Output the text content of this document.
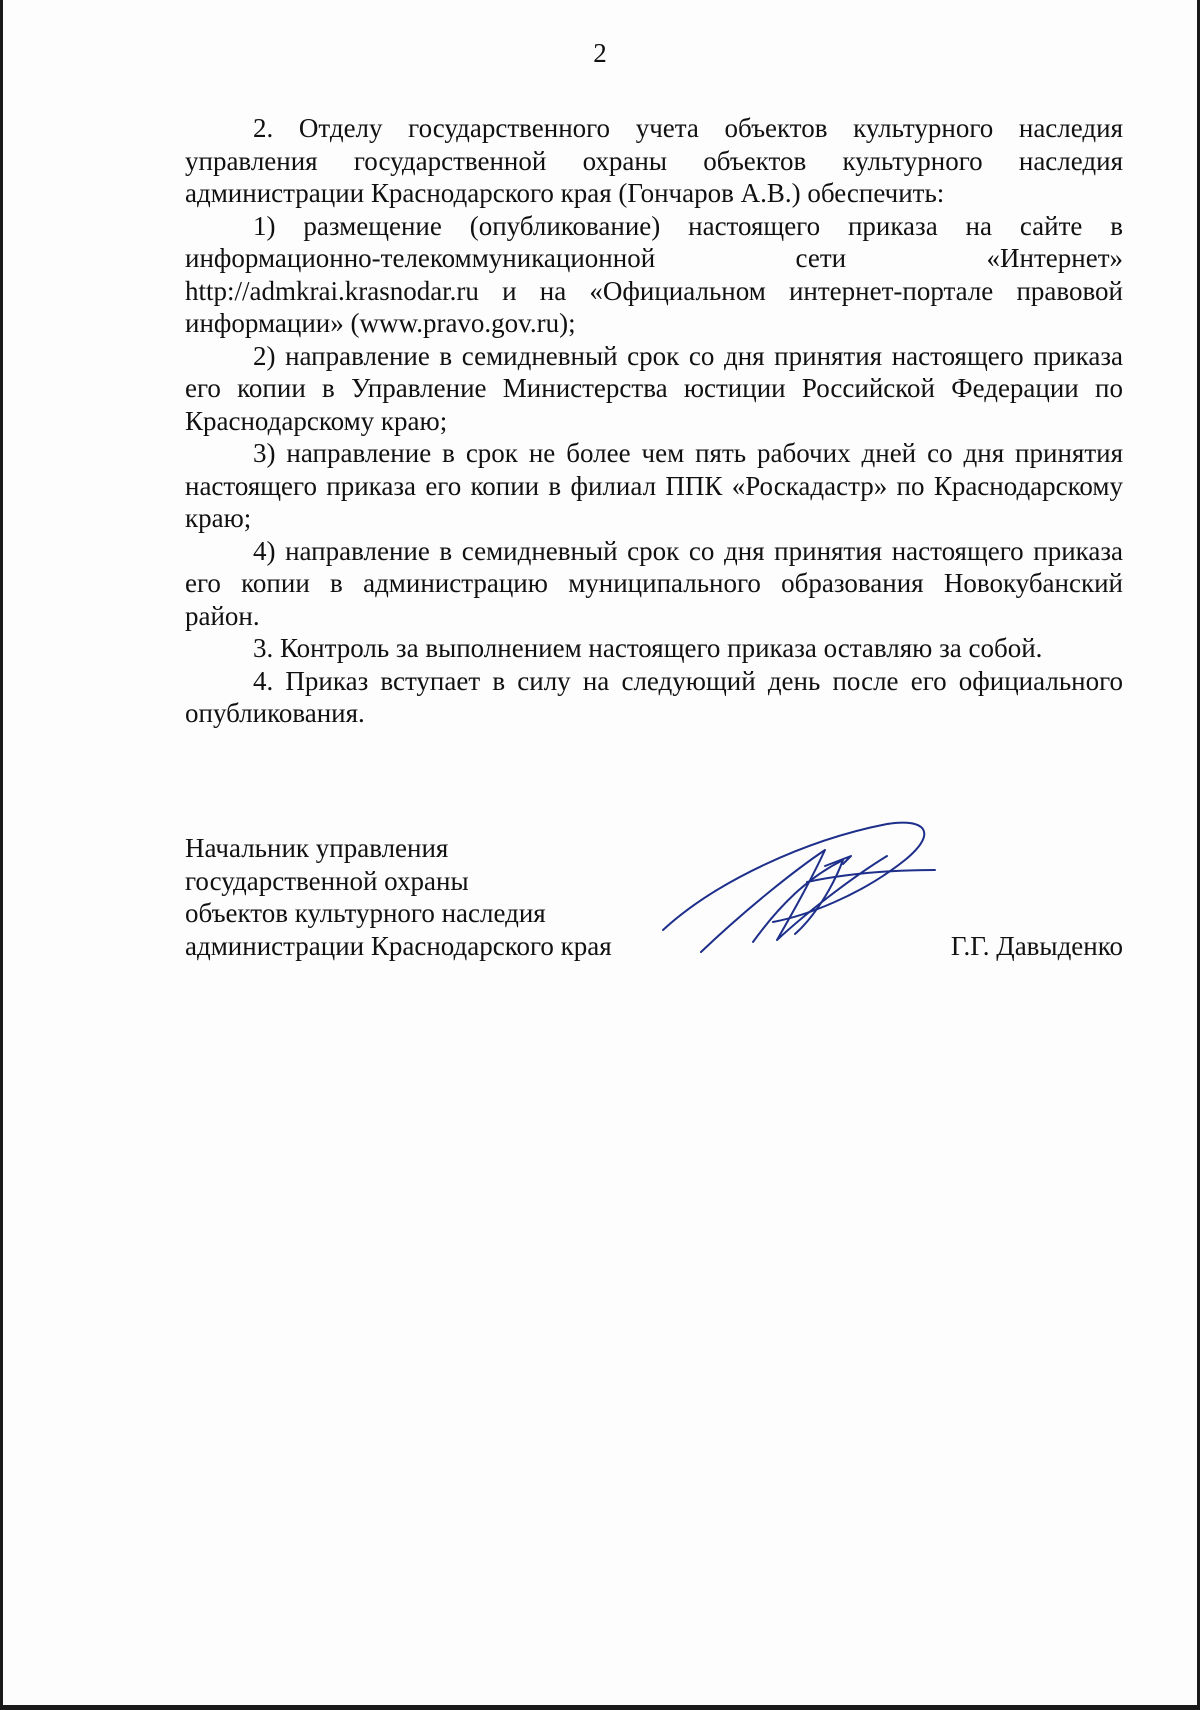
2

2. Отделу государственного учета объектов культурного наследия управления государственной охраны объектов культурного наследия администрации Краснодарского края (Гончаров А.В.) обеспечить:

1) размещение (опубликование) настоящего приказа на сайте в информационно-телекоммуникационной сети «Интернет» http://admkrai.krasnodar.ru и на «Официальном интернет-портале правовой информации» (www.pravo.gov.ru);

2) направление в семидневный срок со дня принятия настоящего приказа его копии в Управление Министерства юстиции Российской Федерации по Краснодарскому краю;

3) направление в срок не более чем пять рабочих дней со дня принятия настоящего приказа его копии в филиал ППК «Роскадастр» по Краснодарскому краю;

4) направление в семидневный срок со дня принятия настоящего приказа его копии в администрацию муниципального образования Новокубанский район.

3. Контроль за выполнением настоящего приказа оставляю за собой.

4. Приказ вступает в силу на следующий день после его официального опубликования.

Начальник управления
государственной охраны
объектов культурного наследия
администрации Краснодарского края	Г.Г. Давыденко
